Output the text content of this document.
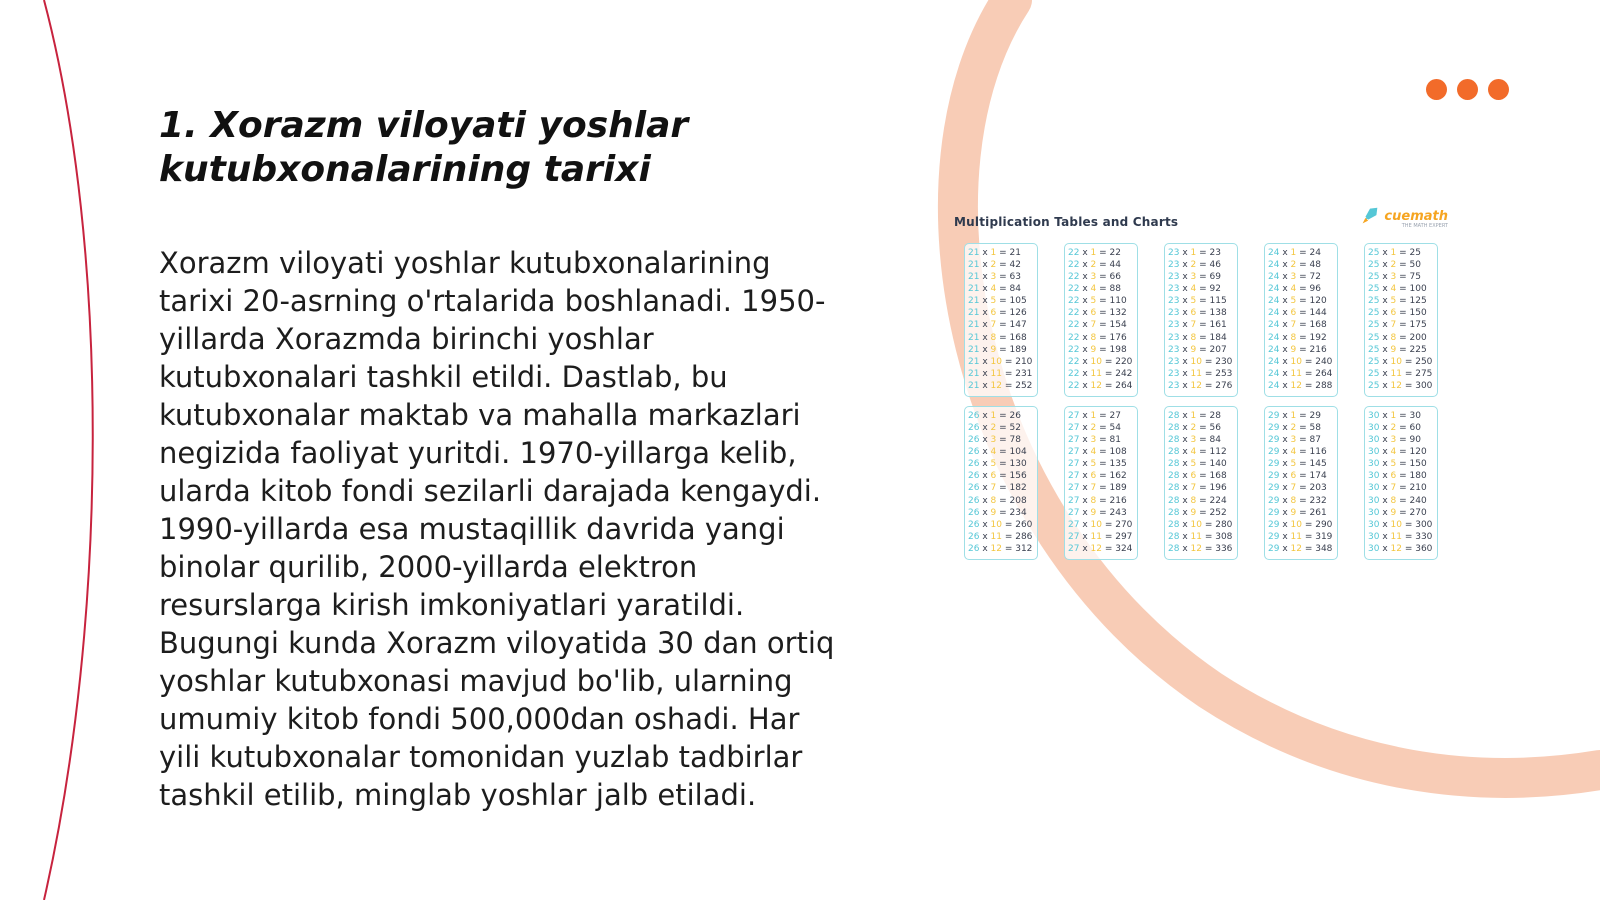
1. Xorazm viloyati yoshlar kutubxonalarining tarixi

Xorazm viloyati yoshlar kutubxonalarining tarixi 20-asrning o'rtalarida boshlanadi. 1950-yillarda Xorazmda birinchi yoshlar kutubxonalari tashkil etildi. Dastlab, bu kutubxonalar maktab va mahalla markazlari negizida faoliyat yuritdi. 1970-yillarga kelib, ularda kitob fondi sezilarli darajada kengaydi. 1990-yillarda esa mustaqillik davrida yangi binolar qurilib, 2000-yillarda elektron resurslarga kirish imkoniyatlari yaratildi. Bugungi kunda Xorazm viloyatida 30 dan ortiq yoshlar kutubxonasi mavjud bo'lib, ularning umumiy kitob fondi 500,000dan oshadi. Har yili kutubxonalar tomonidan yuzlab tadbirlar tashkil etilib, minglab yoshlar jalb etiladi.

Multiplication Tables and Charts	cuemath
THE MATH EXPERT
21 x 1 = 21
21 x 2 = 42
21 x 3 = 63
21 x 4 = 84
21 x 5 = 105
21 x 6 = 126
21 x 7 = 147
21 x 8 = 168
21 x 9 = 189
21 x 10 = 210
21 x 11 = 231
21 x 12 = 252
22 x 1 = 22
22 x 2 = 44
22 x 3 = 66
22 x 4 = 88
22 x 5 = 110
22 x 6 = 132
22 x 7 = 154
22 x 8 = 176
22 x 9 = 198
22 x 10 = 220
22 x 11 = 242
22 x 12 = 264
23 x 1 = 23
23 x 2 = 46
23 x 3 = 69
23 x 4 = 92
23 x 5 = 115
23 x 6 = 138
23 x 7 = 161
23 x 8 = 184
23 x 9 = 207
23 x 10 = 230
23 x 11 = 253
23 x 12 = 276
24 x 1 = 24
24 x 2 = 48
24 x 3 = 72
24 x 4 = 96
24 x 5 = 120
24 x 6 = 144
24 x 7 = 168
24 x 8 = 192
24 x 9 = 216
24 x 10 = 240
24 x 11 = 264
24 x 12 = 288
25 x 1 = 25
25 x 2 = 50
25 x 3 = 75
25 x 4 = 100
25 x 5 = 125
25 x 6 = 150
25 x 7 = 175
25 x 8 = 200
25 x 9 = 225
25 x 10 = 250
25 x 11 = 275
25 x 12 = 300
26 x 1 = 26
26 x 2 = 52
26 x 3 = 78
26 x 4 = 104
26 x 5 = 130
26 x 6 = 156
26 x 7 = 182
26 x 8 = 208
26 x 9 = 234
26 x 10 = 260
26 x 11 = 286
26 x 12 = 312
27 x 1 = 27
27 x 2 = 54
27 x 3 = 81
27 x 4 = 108
27 x 5 = 135
27 x 6 = 162
27 x 7 = 189
27 x 8 = 216
27 x 9 = 243
27 x 10 = 270
27 x 11 = 297
27 x 12 = 324
28 x 1 = 28
28 x 2 = 56
28 x 3 = 84
28 x 4 = 112
28 x 5 = 140
28 x 6 = 168
28 x 7 = 196
28 x 8 = 224
28 x 9 = 252
28 x 10 = 280
28 x 11 = 308
28 x 12 = 336
29 x 1 = 29
29 x 2 = 58
29 x 3 = 87
29 x 4 = 116
29 x 5 = 145
29 x 6 = 174
29 x 7 = 203
29 x 8 = 232
29 x 9 = 261
29 x 10 = 290
29 x 11 = 319
29 x 12 = 348
30 x 1 = 30
30 x 2 = 60
30 x 3 = 90
30 x 4 = 120
30 x 5 = 150
30 x 6 = 180
30 x 7 = 210
30 x 8 = 240
30 x 9 = 270
30 x 10 = 300
30 x 11 = 330
30 x 12 = 360
